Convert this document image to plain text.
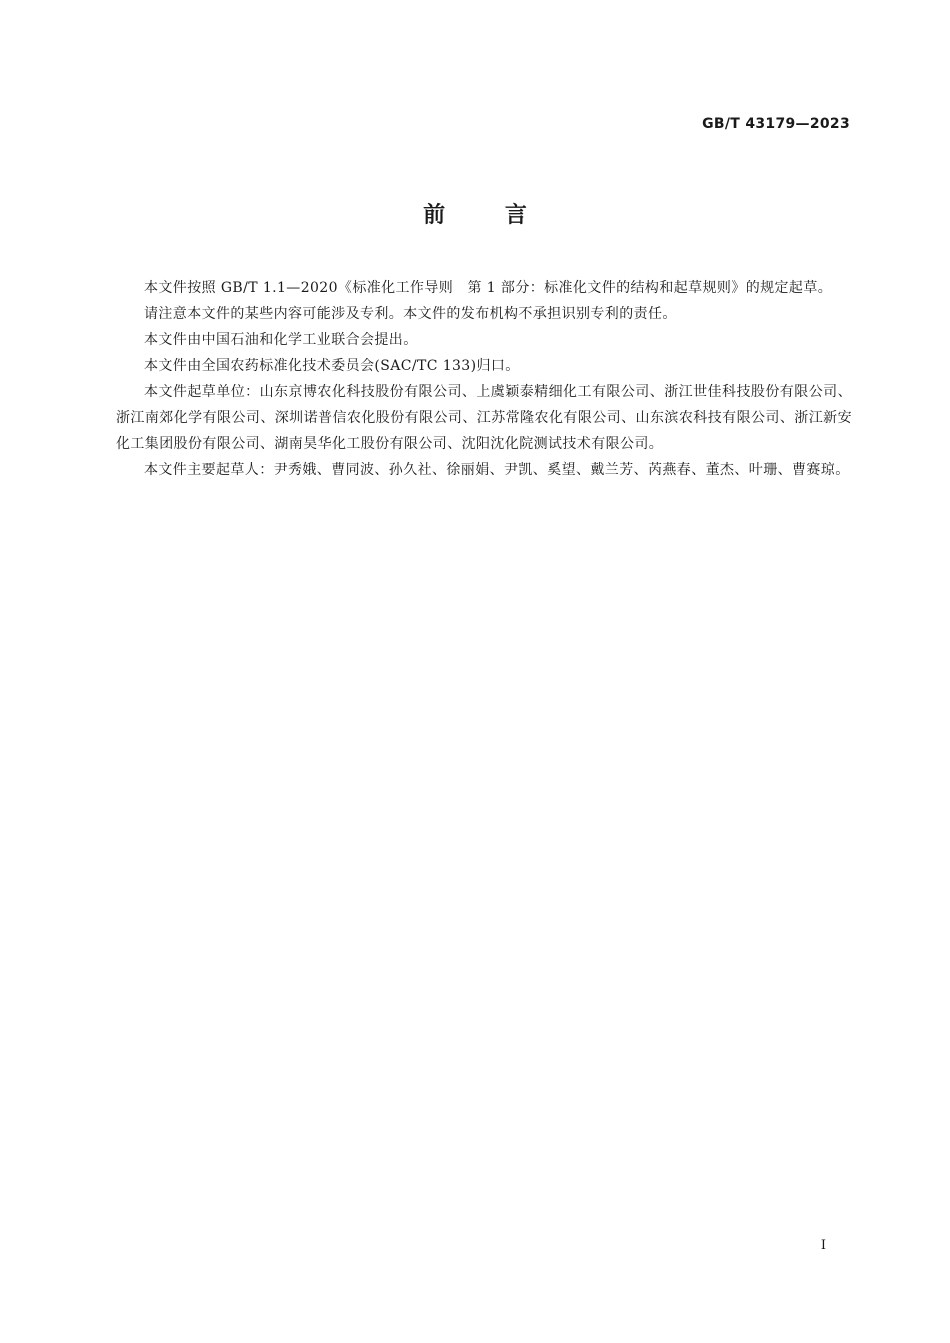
GB/T 43179—2023
前	言

本文件按照 GB/T 1.1—2020《标准化工作导则　第 1 部分：标准化文件的结构和起草规则》的规定起草。

请注意本文件的某些内容可能涉及专利。本文件的发布机构不承担识别专利的责任。

本文件由中国石油和化学工业联合会提出。

本文件由全国农药标准化技术委员会(SAC/TC 133)归口。

本文件起草单位：山东京博农化科技股份有限公司、上虞颖泰精细化工有限公司、浙江世佳科技股份有限公司、浙江南郊化学有限公司、深圳诺普信农化股份有限公司、江苏常隆农化有限公司、山东滨农科技有限公司、浙江新安化工集团股份有限公司、湖南昊华化工股份有限公司、沈阳沈化院测试技术有限公司。

本文件主要起草人：尹秀娥、曹同波、孙久社、徐丽娟、尹凯、奚望、戴兰芳、芮燕春、董杰、叶珊、曹赛琼。

I
